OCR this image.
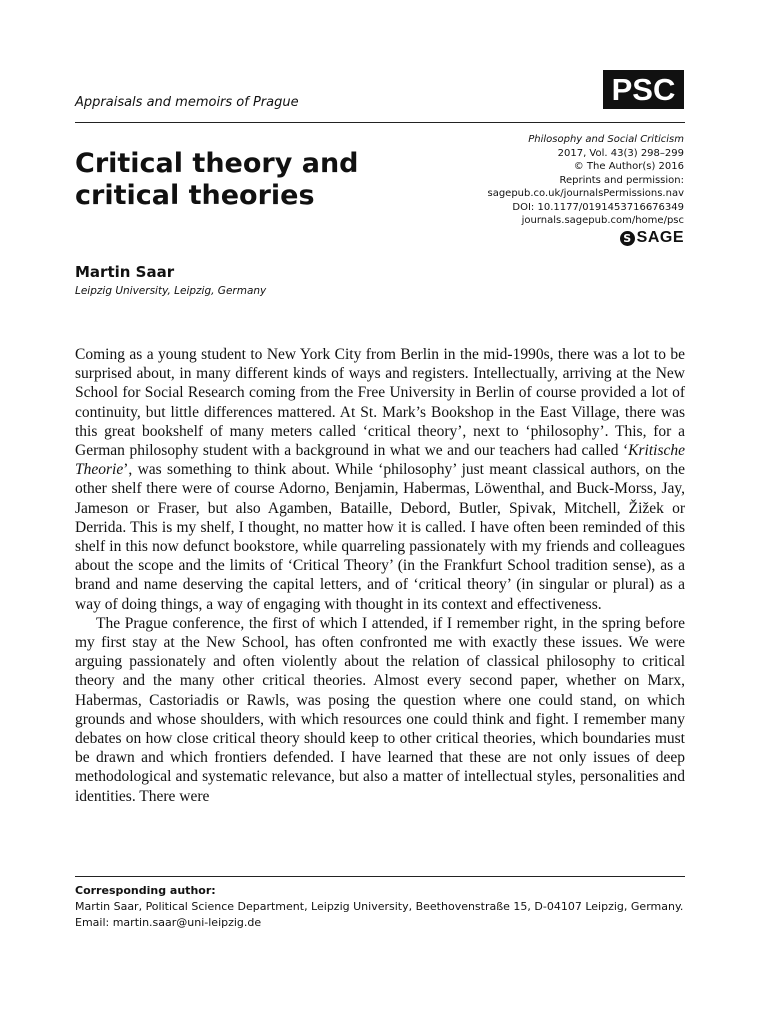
Appraisals and memoirs of Prague	PSC
Critical theory and
critical theories
Philosophy and Social Criticism
2017, Vol. 43(3) 298–299
© The Author(s) 2016
Reprints and permission:
sagepub.co.uk/journalsPermissions.nav
DOI: 10.1177/0191453716676349
journals.sagepub.com/home/psc
S SAGE
Martin Saar
Leipzig University, Leipzig, Germany

Coming as a young student to New York City from Berlin in the mid-1990s, there was a lot to be surprised about, in many different kinds of ways and registers. Intellectually, arriving at the New School for Social Research coming from the Free University in Berlin of course provided a lot of continuity, but little differences mattered. At St. Mark’s Bookshop in the East Village, there was this great bookshelf of many meters called ‘critical theory’, next to ‘philosophy’. This, for a German philosophy student with a background in what we and our teachers had called ‘Kritische Theorie’, was something to think about. While ‘philosophy’ just meant classical authors, on the other shelf there were of course Adorno, Benjamin, Habermas, Löwenthal, and Buck-Morss, Jay, Jameson or Fraser, but also Agamben, Bataille, Debord, Butler, Spivak, Mitchell, Žižek or Derrida. This is my shelf, I thought, no matter how it is called. I have often been reminded of this shelf in this now defunct bookstore, while quarreling passionately with my friends and colleagues about the scope and the limits of ‘Critical Theory’ (in the Frankfurt School tradition sense), as a brand and name deserving the capital letters, and of ‘critical theory’ (in singular or plural) as a way of doing things, a way of engaging with thought in its context and effectiveness.

The Prague conference, the first of which I attended, if I remember right, in the spring before my first stay at the New School, has often confronted me with exactly these issues. We were arguing passionately and often violently about the relation of classical philosophy to critical theory and the many other critical theories. Almost every second paper, whether on Marx, Habermas, Castoriadis or Rawls, was posing the question where one could stand, on which grounds and whose shoulders, with which resources one could think and fight. I remember many debates on how close critical theory should keep to other critical theories, which boundaries must be drawn and which frontiers defended. I have learned that these are not only issues of deep methodological and systematic relevance, but also a matter of intellectual styles, personalities and identities. There were

Corresponding author:
Martin Saar, Political Science Department, Leipzig University, Beethovenstraße 15, D-04107 Leipzig, Germany.
Email: martin.saar@uni-leipzig.de
